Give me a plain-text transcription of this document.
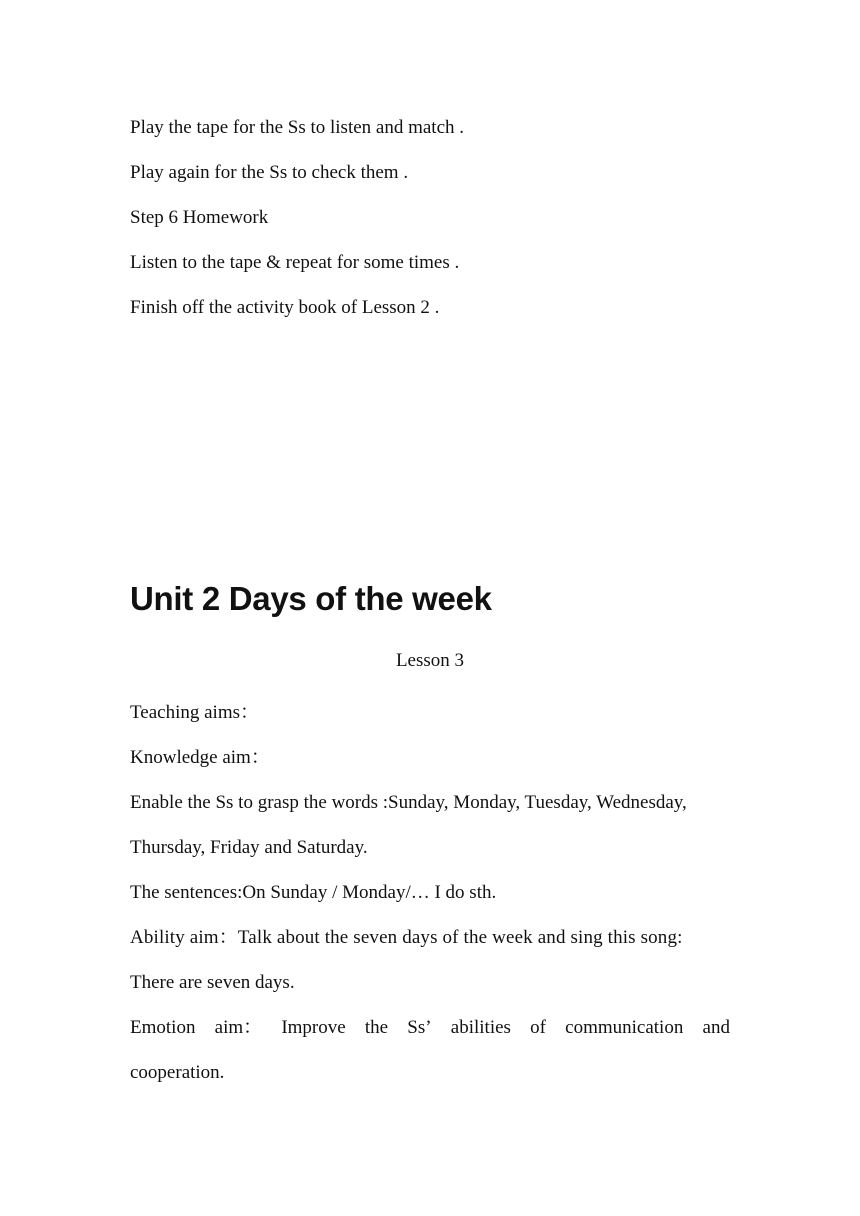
Play the tape for the Ss to listen and match .
Play again for the Ss to check them .
Step 6 Homework
Listen to the tape & repeat for some times .
Finish off the activity book of Lesson 2 .
Unit 2 Days of the week
Lesson 3
Teaching aims：
Knowledge aim：
Enable the Ss to grasp the words :Sunday, Monday, Tuesday, Wednesday,
Thursday, Friday and Saturday.
The sentences:On Sunday / Monday/… I do sth.
Ability aim：Talk about the seven days of the week and sing this song:
There are seven days.
Emotion aim： Improve the Ss’ abilities of communication and
cooperation.
